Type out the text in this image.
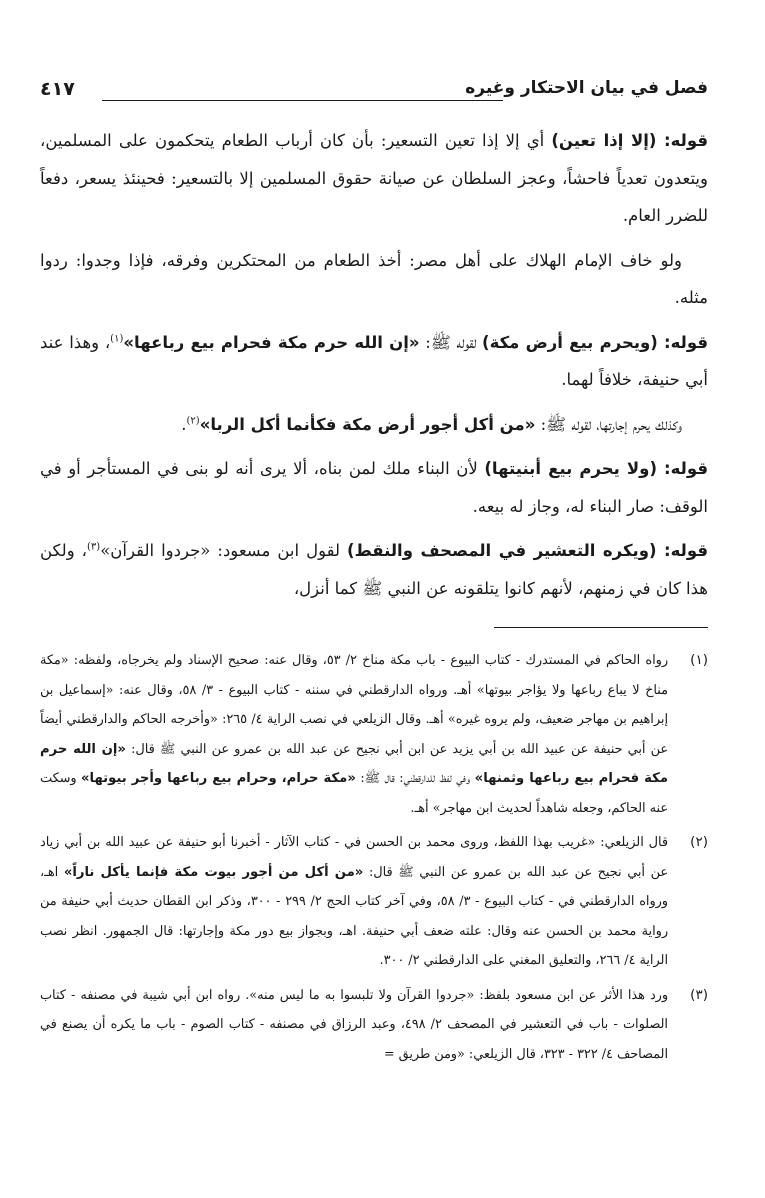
فصل في بيان الاحتكار وغيره
٤١٧

قوله: (إلا إذا تعين) أي إلا إذا تعين التسعير: بأن كان أرباب الطعام يتحكمون على المسلمين، ويتعدون تعدياً فاحشاً، وعجز السلطان عن صيانة حقوق المسلمين إلا بالتسعير: فحينئذ يسعر، دفعاً للضرر العام.

ولو خاف الإمام الهلاك على أهل مصر: أخذ الطعام من المحتكرين وفرقه، فإذا وجدوا: ردوا مثله.

قوله: (ويحرم بيع أرض مكة) لقوله ﷺ: «إن الله حرم مكة فحرام بيع رباعها»$^{(١)}$، وهذا عند أبي حنيفة، خلافاً لهما.

وكذلك يحرم إجارتها، لقوله ﷺ: «من أكل أجور أرض مكة فكأنما أكل الربا»$^{(٢)}$.

قوله: (ولا يحرم بيع أبنيتها) لأن البناء ملك لمن بناه، ألا يرى أنه لو بنى في المستأجر أو في الوقف: صار البناء له، وجاز له بيعه.

قوله: (ويكره التعشير في المصحف والنقط) لقول ابن مسعود: «جردوا القرآن»$^{(٣)}$، ولكن هذا كان في زمنهم، لأنهم كانوا يتلقونه عن النبي ﷺ كما أنزل،

(١)
رواه الحاكم في المستدرك - كتاب البيوع - باب مكة مناخ ٢/ ٥٣، وقال عنه: صحيح الإسناد ولم يخرجاه، ولفظه: «مكة مناخ لا يباع رباعها ولا يؤاجر بيوتها» أهـ. ورواه الدارقطني في سننه - كتاب البيوع - ٣/ ٥٨، وقال عنه: «إسماعيل بن إبراهيم بن مهاجر ضعيف، ولم يروه غيره» أهـ. وقال الزيلعي في نصب الراية ٤/ ٢٦٥: «وأخرجه الحاكم والدارقطني أيضاً عن أبي حنيفة عن عبيد الله بن أبي يزيد عن ابن أبي نجيح عن عبد الله بن عمرو عن النبي ﷺ قال: «إن الله حرم مكة فحرام بيع رباعها وثمنها» وفي لفظ للدارقطني: قال ﷺ: «مكة حرام، وحرام بيع رباعها وأجر بيوتها» وسكت عنه الحاكم، وجعله شاهداً لحديث ابن مهاجر» أهـ.
(٢)
قال الزيلعي: «غريب بهذا اللفظ، وروى محمد بن الحسن في - كتاب الآثار - أخبرنا أبو حنيفة عن عبيد الله بن أبي زياد عن أبي نجيح عن عبد الله بن عمرو عن النبي ﷺ قال: «من أكل من أجور بيوت مكة فإنما يأكل ناراً» اهـ، ورواه الدارقطني في - كتاب البيوع - ٣/ ٥٨، وفي آخر كتاب الحج ٢/ ٢٩٩ - ٣٠٠، وذكر ابن القطان حديث أبي حنيفة من رواية محمد بن الحسن عنه وقال: علته ضعف أبي حنيفة. اهـ، وبجواز بيع دور مكة وإجارتها: قال الجمهور. انظر نصب الراية ٤/ ٢٦٦، والتعليق المغني على الدارقطني ٢/ ٣٠٠.
(٣)
ورد هذا الأثر عن ابن مسعود بلفظ: «جردوا القرآن ولا تلبسوا به ما ليس منه». رواه ابن أبي شيبة في مصنفه - كتاب الصلوات - باب في التعشير في المصحف ٢/ ٤٩٨، وعبد الرزاق في مصنفه - كتاب الصوم - باب ما يكره أن يصنع في المصاحف ٤/ ٣٢٢ - ٣٢٣، قال الزيلعي: «ومن طريق =
